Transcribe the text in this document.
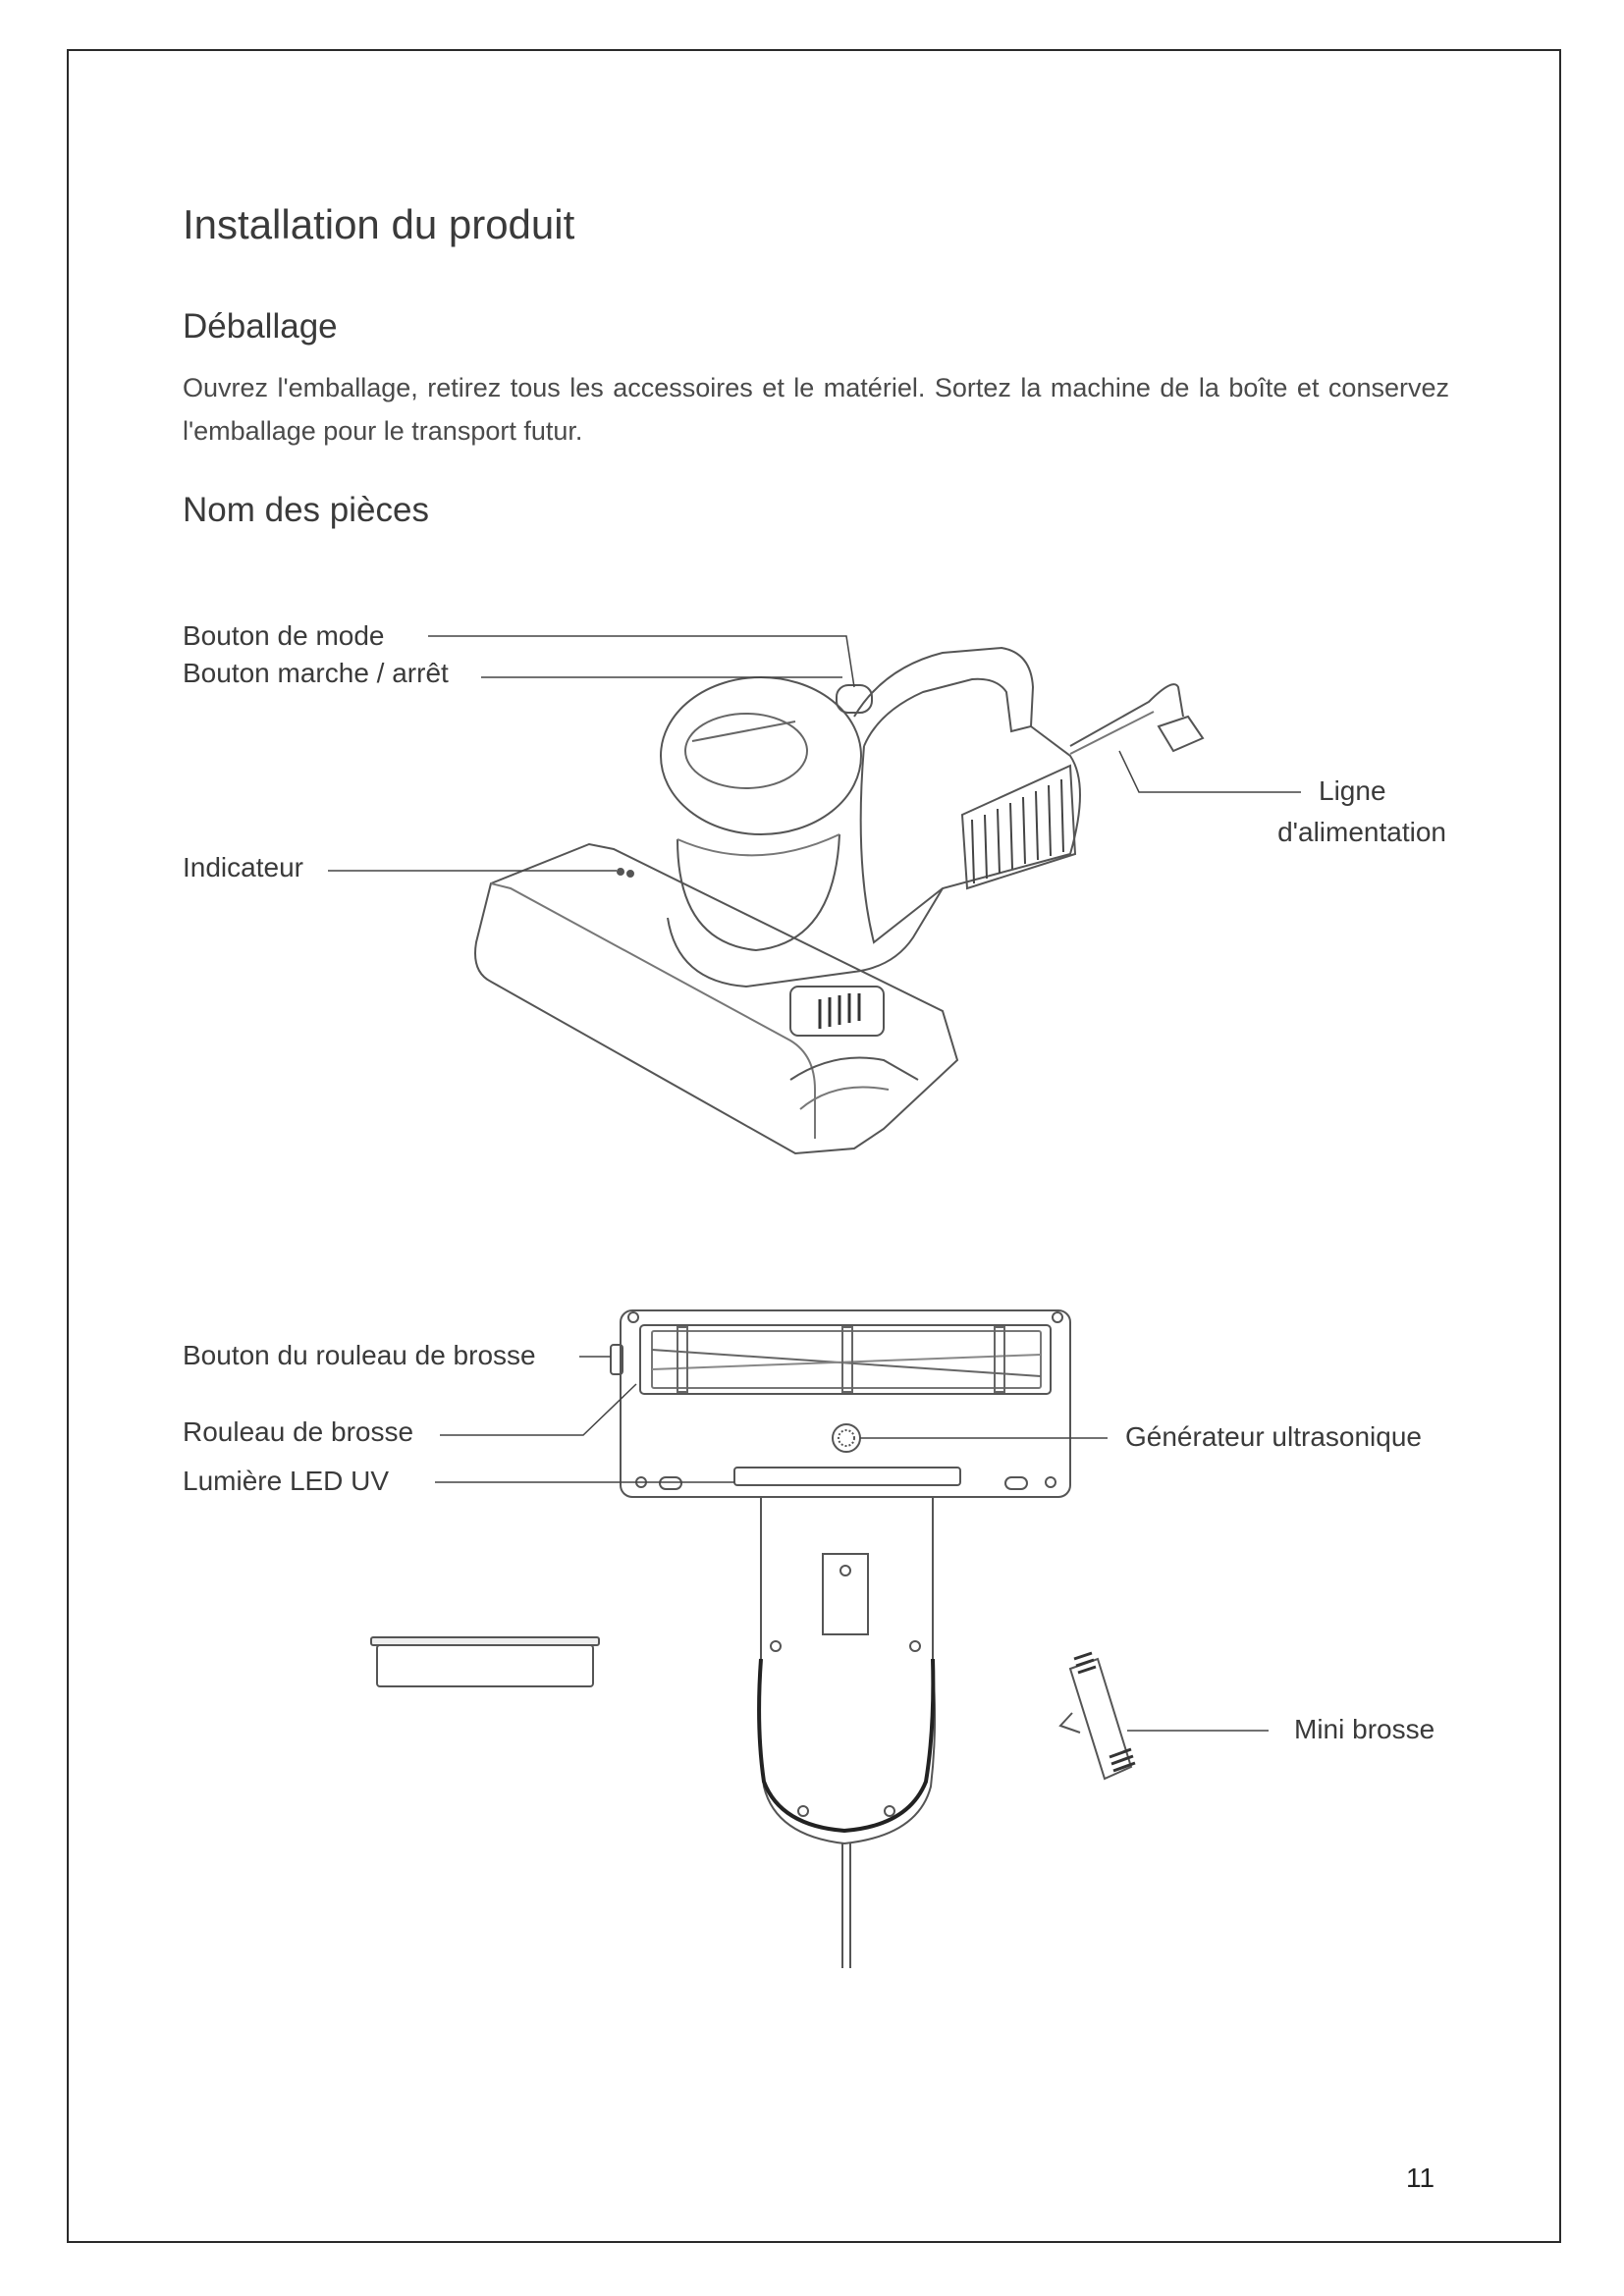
Installation du produit
Déballage

Ouvrez l'emballage, retirez tous les accessoires et le matériel. Sortez la machine de la boîte et conservez l'emballage pour le transport futur.

Nom des pièces
Bouton de mode
Bouton marche / arrêt
Indicateur
Ligne
d'alimentation
Bouton du rouleau de brosse
Rouleau de brosse
Lumière LED UV
Générateur ultrasonique
Mini brosse
11
